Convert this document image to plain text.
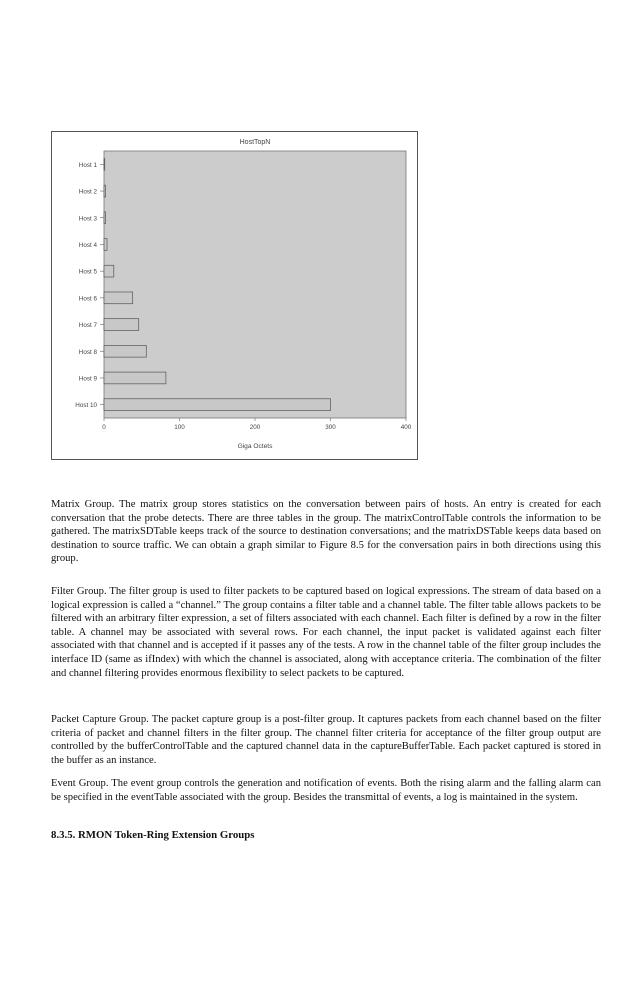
HostTopN
Host 1
Host 2
Host 3
Host 4
Host 5
Host 6
Host 7
Host 8
Host 9
Host 10
0	100	200	300	400
Giga Octets

Matrix Group. The matrix group stores statistics on the conversation between pairs of hosts. An entry is created for each conversation that the probe detects. There are three tables in the group. The matrixControlTable controls the information to be gathered. The matrixSDTable keeps track of the source to destination conversations; and the matrixDSTable keeps data based on destination to source traffic. We can obtain a graph similar to Figure 8.5 for the conversation pairs in both directions using this group.

Filter Group. The filter group is used to filter packets to be captured based on logical expressions. The stream of data based on a logical expression is called a “channel.” The group contains a filter table and a channel table. The filter table allows packets to be filtered with an arbitrary filter expression, a set of filters associated with each channel. Each filter is defined by a row in the filter table. A channel may be associated with several rows. For each channel, the input packet is validated against each filter associated with that channel and is accepted if it passes any of the tests. A row in the channel table of the filter group includes the interface ID (same as ifIndex) with which the channel is associated, along with acceptance criteria. The combination of the filter and channel filtering provides enormous flexibility to select packets to be captured.

Packet Capture Group. The packet capture group is a post-filter group. It captures packets from each channel based on the filter criteria of packet and channel filters in the filter group. The channel filter criteria for acceptance of the filter group output are controlled by the bufferControlTable and the captured channel data in the captureBufferTable. Each packet captured is stored in the buffer as an instance.

Event Group. The event group controls the generation and notification of events. Both the rising alarm and the falling alarm can be specified in the eventTable associated with the group. Besides the transmittal of events, a log is maintained in the system.

8.3.5. RMON Token-Ring Extension Groups
